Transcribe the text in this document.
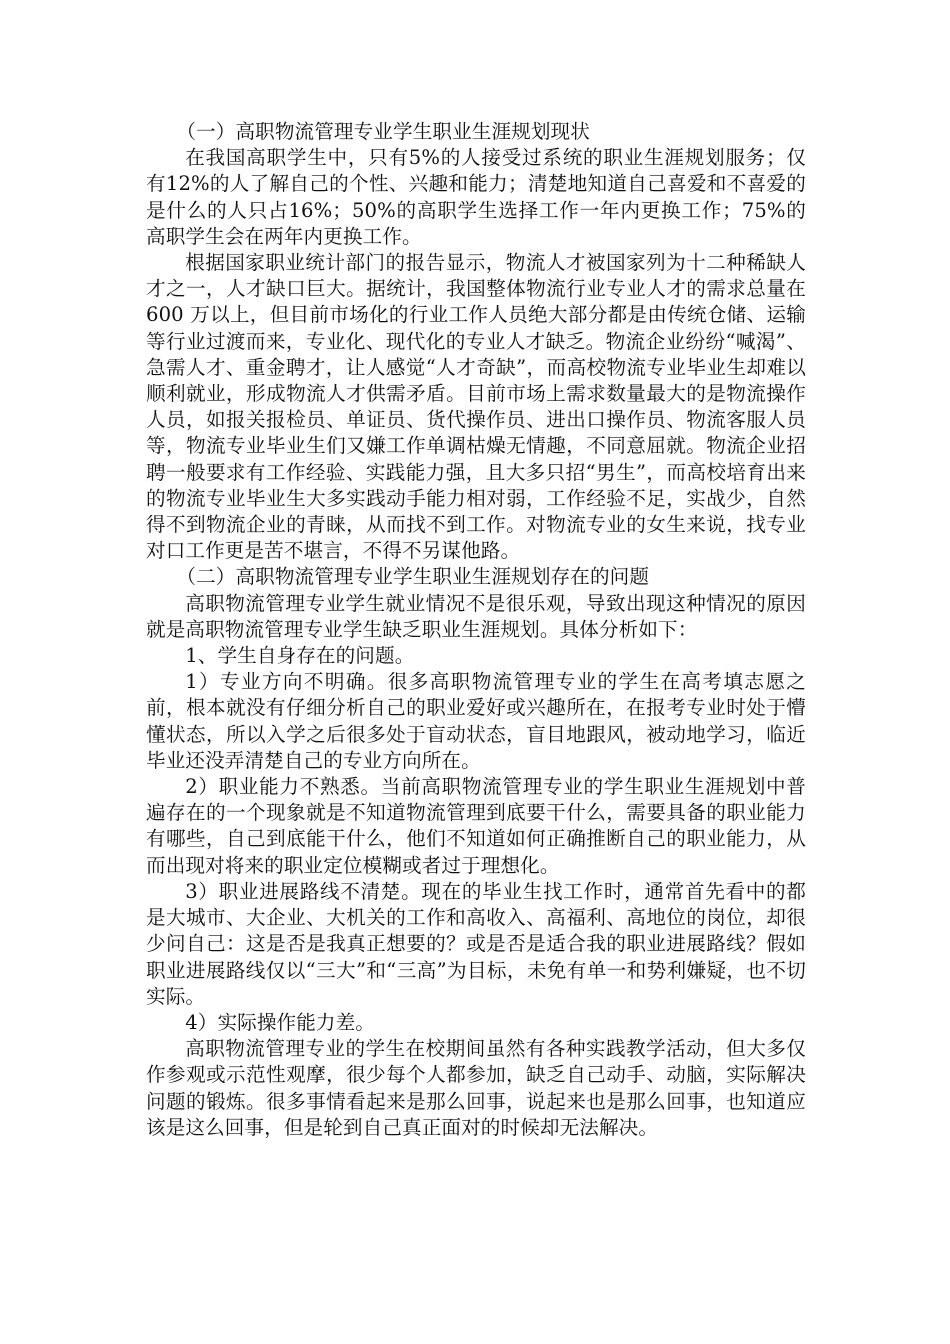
（一）高职物流管理专业学生职业生涯规划现状

在我国高职学生中，只有5%的人接受过系统的职业生涯规划服务；仅有12%的人了解自己的个性、兴趣和能力；清楚地知道自己喜爱和不喜爱的是什么的人只占16%；50%的高职学生选择工作一年内更换工作；75%的高职学生会在两年内更换工作。

根据国家职业统计部门的报告显示，物流人才被国家列为十二种稀缺人才之一，人才缺口巨大。据统计，我国整体物流行业专业人才的需求总量在600 万以上，但目前市场化的行业工作人员绝大部分都是由传统仓储、运输等行业过渡而来，专业化、现代化的专业人才缺乏。物流企业纷纷“喊渴”、急需人才、重金聘才，让人感觉“人才奇缺”，而高校物流专业毕业生却难以顺利就业，形成物流人才供需矛盾。目前市场上需求数量最大的是物流操作人员，如报关报检员、单证员、货代操作员、进出口操作员、物流客服人员等，物流专业毕业生们又嫌工作单调枯燥无情趣，不同意屈就。物流企业招聘一般要求有工作经验、实践能力强，且大多只招“男生”，而高校培育出来的物流专业毕业生大多实践动手能力相对弱，工作经验不足，实战少，自然得不到物流企业的青睐，从而找不到工作。对物流专业的女生来说，找专业对口工作更是苦不堪言，不得不另谋他路。

（二）高职物流管理专业学生职业生涯规划存在的问题

高职物流管理专业学生就业情况不是很乐观，导致出现这种情况的原因就是高职物流管理专业学生缺乏职业生涯规划。具体分析如下：

1、学生自身存在的问题。

1）专业方向不明确。很多高职物流管理专业的学生在高考填志愿之前，根本就没有仔细分析自己的职业爱好或兴趣所在，在报考专业时处于懵懂状态，所以入学之后很多处于盲动状态，盲目地跟风，被动地学习，临近毕业还没弄清楚自己的专业方向所在。

2）职业能力不熟悉。当前高职物流管理专业的学生职业生涯规划中普遍存在的一个现象就是不知道物流管理到底要干什么，需要具备的职业能力有哪些，自己到底能干什么，他们不知道如何正确推断自己的职业能力，从而出现对将来的职业定位模糊或者过于理想化。

3）职业进展路线不清楚。现在的毕业生找工作时，通常首先看中的都是大城市、大企业、大机关的工作和高收入、高福利、高地位的岗位，却很少问自己：这是否是我真正想要的？或是否是适合我的职业进展路线？假如职业进展路线仅以“三大”和“三高”为目标，未免有单一和势利嫌疑，也不切实际。

4）实际操作能力差。

高职物流管理专业的学生在校期间虽然有各种实践教学活动，但大多仅作参观或示范性观摩，很少每个人都参加，缺乏自己动手、动脑，实际解决问题的锻炼。很多事情看起来是那么回事，说起来也是那么回事，也知道应该是这么回事，但是轮到自己真正面对的时候却无法解决。
